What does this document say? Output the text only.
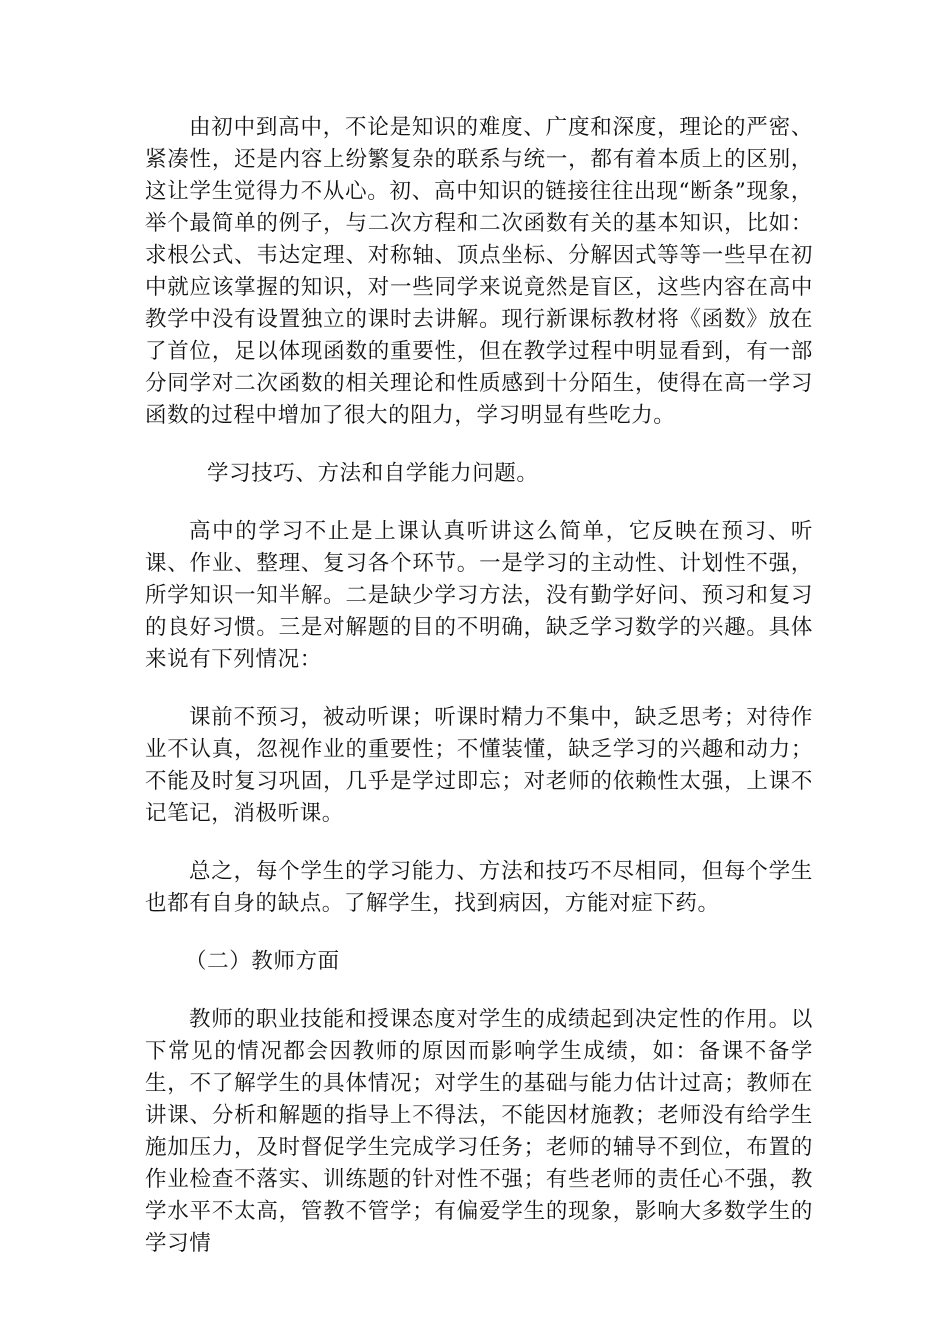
由初中到高中，不论是知识的难度、广度和深度，理论的严密、紧凑性，还是内容上纷繁复杂的联系与统一，都有着本质上的区别，这让学生觉得力不从心。初、高中知识的链接往往出现“断条”现象，举个最简单的例子，与二次方程和二次函数有关的基本知识，比如：求根公式、韦达定理、对称轴、顶点坐标、分解因式等等一些早在初中就应该掌握的知识，对一些同学来说竟然是盲区，这些内容在高中教学中没有设置独立的课时去讲解。现行新课标教材将《函数》放在了首位，足以体现函数的重要性，但在教学过程中明显看到，有一部分同学对二次函数的相关理论和性质感到十分陌生，使得在高一学习函数的过程中增加了很大的阻力，学习明显有些吃力。

学习技巧、方法和自学能力问题。

高中的学习不止是上课认真听讲这么简单，它反映在预习、听课、作业、整理、复习各个环节。一是学习的主动性、计划性不强，所学知识一知半解。二是缺少学习方法，没有勤学好问、预习和复习的良好习惯。三是对解题的目的不明确，缺乏学习数学的兴趣。具体来说有下列情况：

课前不预习，被动听课；听课时精力不集中，缺乏思考；对待作业不认真，忽视作业的重要性；不懂装懂，缺乏学习的兴趣和动力；不能及时复习巩固，几乎是学过即忘；对老师的依赖性太强，上课不记笔记，消极听课。

总之，每个学生的学习能力、方法和技巧不尽相同，但每个学生也都有自身的缺点。了解学生，找到病因，方能对症下药。

（二）教师方面

教师的职业技能和授课态度对学生的成绩起到决定性的作用。以下常见的情况都会因教师的原因而影响学生成绩，如：备课不备学生，不了解学生的具体情况；对学生的基础与能力估计过高；教师在讲课、分析和解题的指导上不得法，不能因材施教；老师没有给学生施加压力，及时督促学生完成学习任务；老师的辅导不到位，布置的作业检查不落实、训练题的针对性不强；有些老师的责任心不强，教学水平不太高，管教不管学；有偏爱学生的现象，影响大多数学生的学习情
